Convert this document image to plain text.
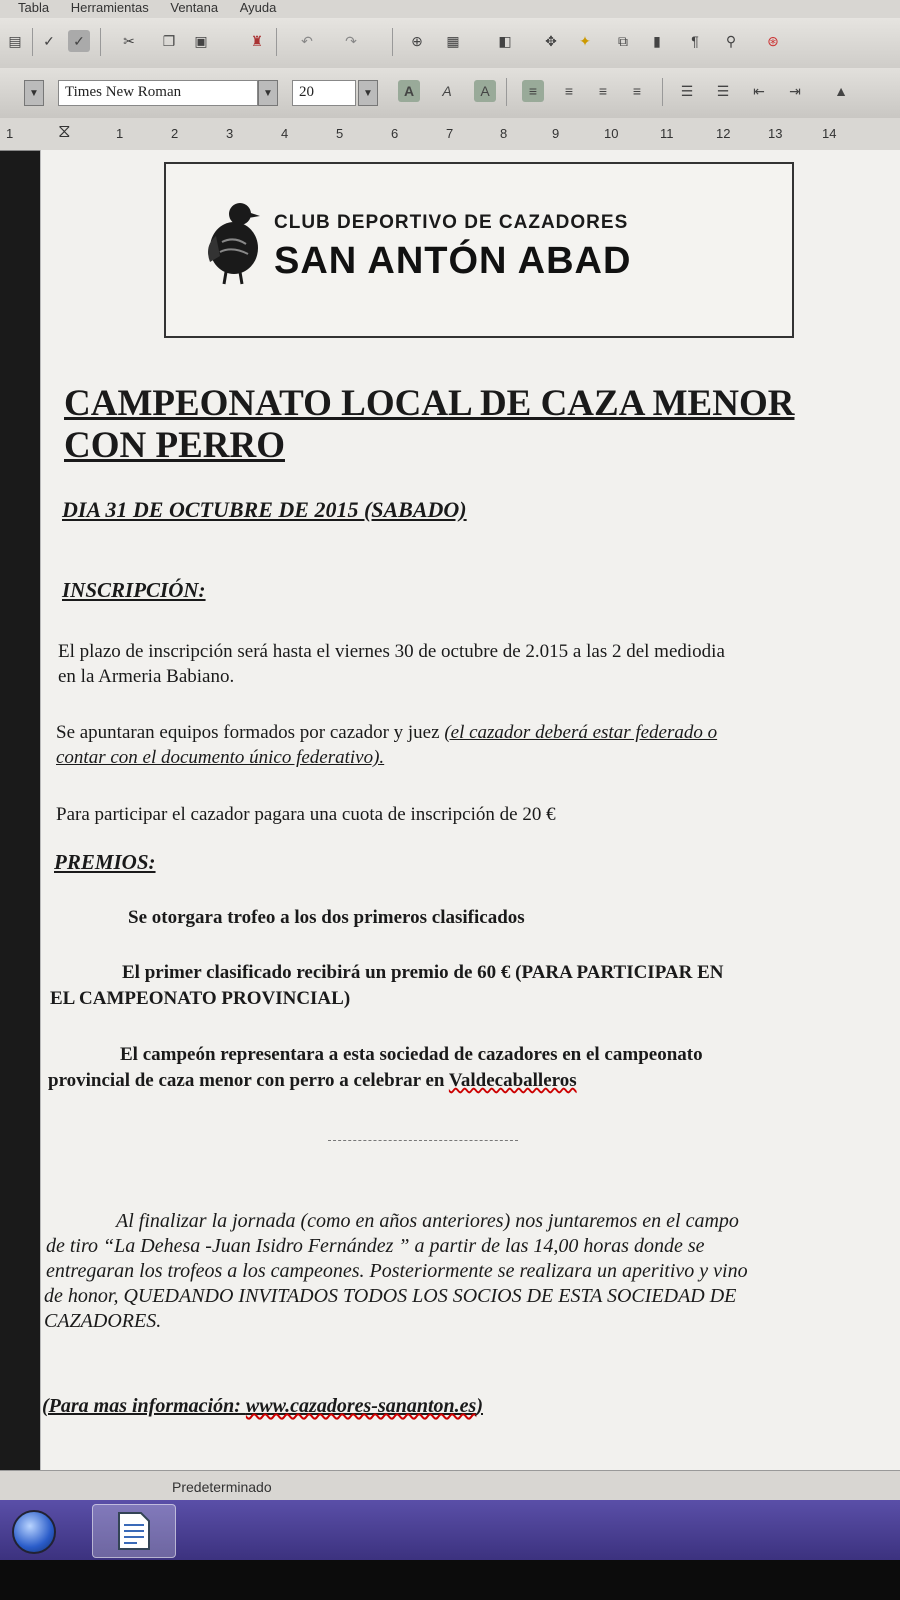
Tabla Herramientas Ventana Ayuda
▤	✓	✓	✂	❐	▣	♜	↶	↷	⊕	▦	◧	✥	✦	⧉	▮	¶	⚲	⊛
▼	Times New Roman	▼	20	▼	A	A	A	≡	≡	≡	≡	☰	☰	⇤	⇥	▲
1 ⧖	1	2	3	4	5	6	7	8	9	10	11	12	13	14
CLUB DEPORTIVO DE CAZADORES
SAN ANTÓN ABAD
CAMPEONATO LOCAL DE CAZA MENOR
CON PERRO
DIA 31 DE OCTUBRE DE 2015 (SABADO)
INSCRIPCIÓN:
El plazo de inscripción será hasta el viernes 30 de octubre de 2.015 a las 2 del mediodia
en la Armeria Babiano.
Se apuntaran equipos formados por cazador y juez (el cazador deberá estar federado o
contar con el documento único federativo).
Para participar el cazador pagara una cuota de inscripción de 20 €
PREMIOS:
Se otorgara trofeo a los dos primeros clasificados
El primer clasificado recibirá un premio de 60 € (PARA PARTICIPAR EN
EL CAMPEONATO PROVINCIAL)
El campeón representara a esta sociedad de cazadores en el campeonato
provincial de caza menor con perro a celebrar en Valdecaballeros
Al finalizar la jornada (como en años anteriores) nos juntaremos en el campo
de tiro “La Dehesa -Juan Isidro Fernández ” a partir de las 14,00 horas donde se
entregaran los trofeos a los campeones. Posteriormente se realizara un aperitivo y vino
de honor, QUEDANDO INVITADOS TODOS LOS SOCIOS DE ESTA SOCIEDAD DE
CAZADORES.
(Para mas información: www.cazadores-sananton.es)
Predeterminado
